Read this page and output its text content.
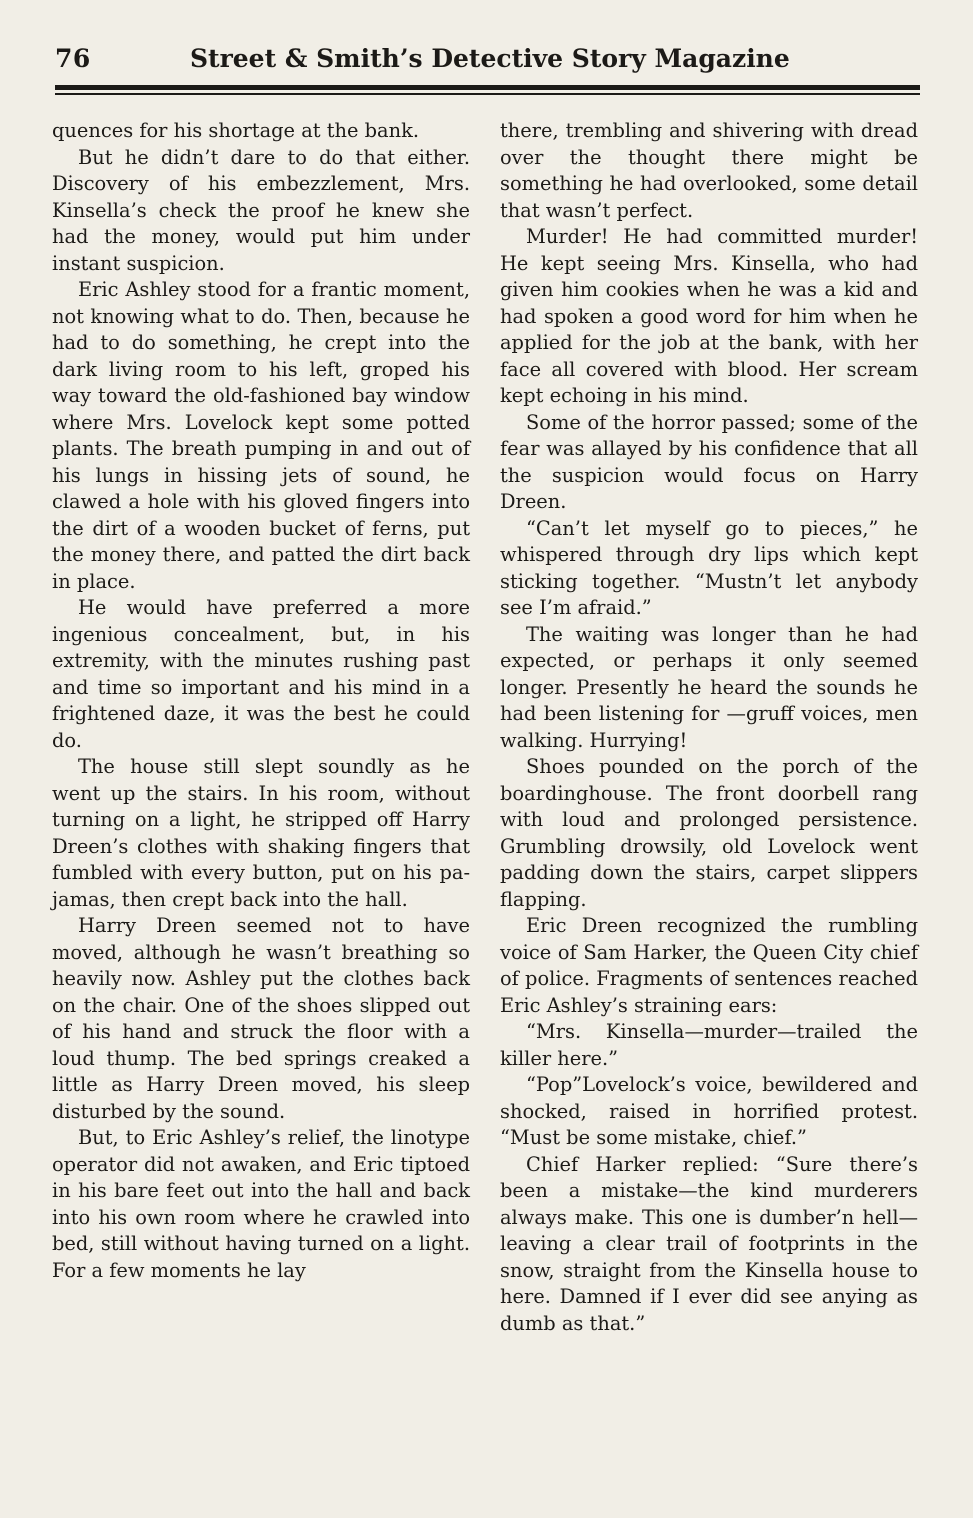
76	Street & Smith’s Detective Story Magazine

quences for his shortage at the bank.

But he didn’t dare to do that either. Discovery of his embezzlement, Mrs. Kinsella’s check the proof he knew she had the money, would put him under instant suspicion.

Eric Ashley stood for a frantic moment, not knowing what to do. Then, because he had to do something, he crept into the dark living room to his left, groped his way toward the old-fashioned bay window where Mrs. Lovelock kept some potted plants. The breath pumping in and out of his lungs in hissing jets of sound, he clawed a hole with his gloved fingers into the dirt of a wooden bucket of ferns, put the money there, and patted the dirt back in place.

He would have preferred a more ingenious concealment, but, in his extremity, with the minutes rushing past and time so important and his mind in a frightened daze, it was the best he could do.

The house still slept soundly as he went up the stairs. In his room, without turning on a light, he stripped off Harry Dreen’s clothes with shaking fingers that fumbled with every button, put on his pajamas, then crept back into the hall.

Harry Dreen seemed not to have moved, although he wasn’t breathing so heavily now. Ashley put the clothes back on the chair. One of the shoes slipped out of his hand and struck the floor with a loud thump. The bed springs creaked a little as Harry Dreen moved, his sleep disturbed by the sound.

But, to Eric Ashley’s relief, the linotype operator did not awaken, and Eric tiptoed in his bare feet out into the hall and back into his own room where he crawled into bed, still without having turned on a light. For a few moments he lay

there, trembling and shivering with dread over the thought there might be something he had overlooked, some detail that wasn’t perfect.

Murder! He had committed murder! He kept seeing Mrs. Kinsella, who had given him cookies when he was a kid and had spoken a good word for him when he applied for the job at the bank, with her face all covered with blood. Her scream kept echoing in his mind.

Some of the horror passed; some of the fear was allayed by his confidence that all the suspicion would focus on Harry Dreen.

“Can’t let myself go to pieces,” he whispered through dry lips which kept sticking together. “Mustn’t let anybody see I’m afraid.”

The waiting was longer than he had expected, or perhaps it only seemed longer. Presently he heard the sounds he had been listening for —gruff voices, men walking. Hurrying!

Shoes pounded on the porch of the boardinghouse. The front doorbell rang with loud and prolonged persistence. Grumbling drowsily, old Lovelock went padding down the stairs, carpet slippers flapping.

Eric Dreen recognized the rumbling voice of Sam Harker, the Queen City chief of police. Fragments of sentences reached Eric Ashley’s straining ears:

“Mrs. Kinsella—murder—trailed the killer here.”

“Pop”Lovelock’s voice, bewildered and shocked, raised in horrified protest. “Must be some mistake, chief.”

Chief Harker replied: “Sure there’s been a mistake—the kind murderers always make. This one is dumber’n hell—leaving a clear trail of footprints in the snow, straight from the Kinsella house to here. Damned if I ever did see anying as dumb as that.”
